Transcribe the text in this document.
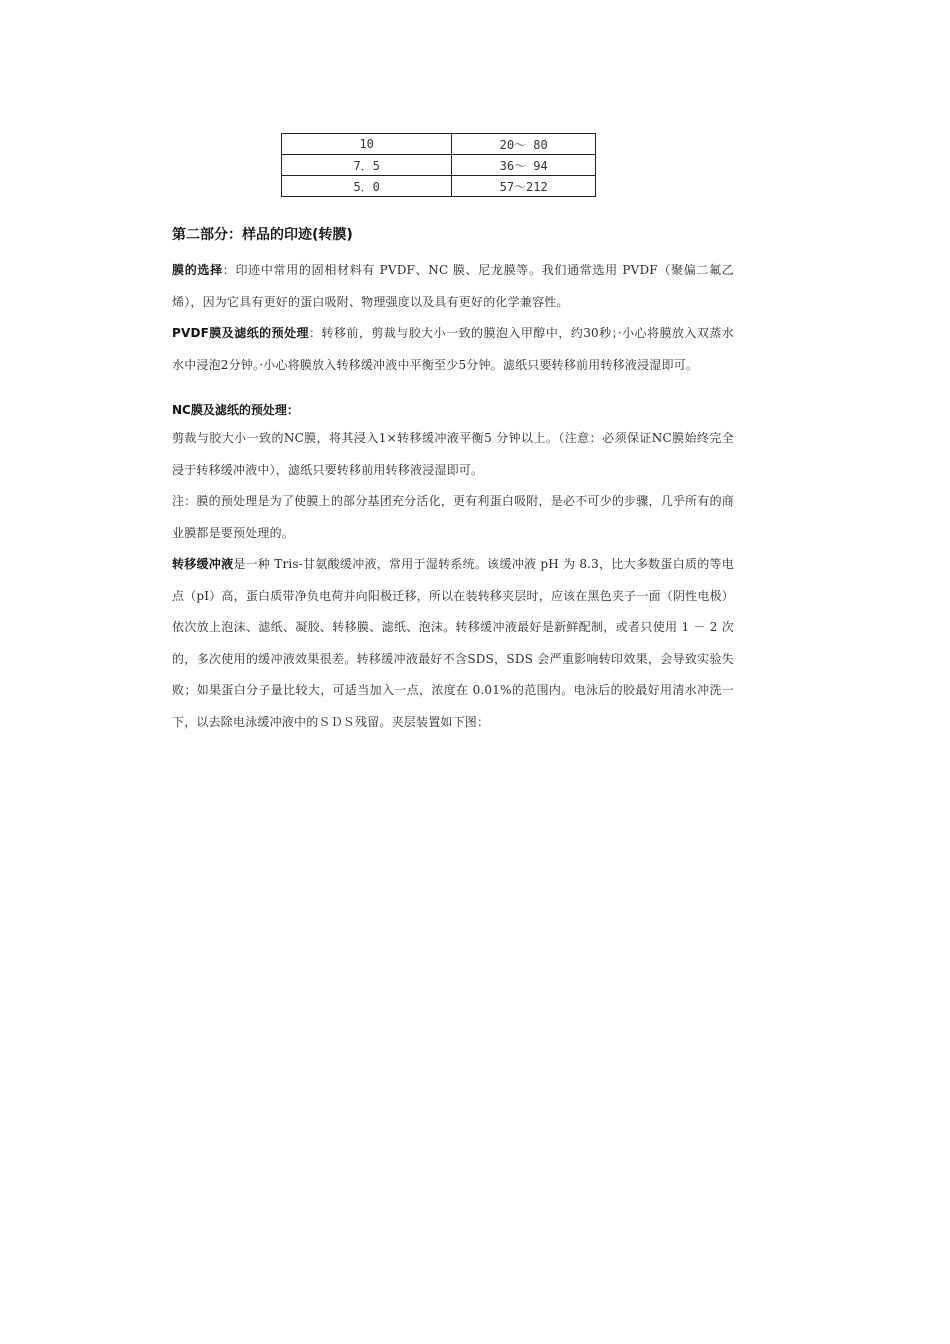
10	20～ 80
7．5	36～ 94
5．0	57～212
第二部分：样品的印迹(转膜)

膜的选择：印迹中常用的固相材料有 PVDF、NC 膜、尼龙膜等。我们通常选用 PVDF（聚偏二氟乙烯），因为它具有更好的蛋白吸附、物理强度以及具有更好的化学兼容性。

PVDF膜及滤纸的预处理：转移前，剪裁与胶大小一致的膜泡入甲醇中，约30秒；·小心将膜放入双蒸水水中浸泡2分钟。·小心将膜放入转移缓冲液中平衡至少5分钟。滤纸只要转移前用转移液浸湿即可。

NC膜及滤纸的预处理：

剪裁与胶大小一致的NC膜，将其浸入1×转移缓冲液平衡5 分钟以上。（注意：必须保证NC膜始终完全浸于转移缓冲液中），滤纸只要转移前用转移液浸湿即可。

注：膜的预处理是为了使膜上的部分基团充分活化，更有利蛋白吸附，是必不可少的步骤，几乎所有的商业膜都是要预处理的。

转移缓冲液是一种 Tris-甘氨酸缓冲液，常用于湿转系统。该缓冲液 pH 为 8.3，比大多数蛋白质的等电点（pI）高，蛋白质带净负电荷并向阳极迁移，所以在装转移夹层时，应该在黑色夹子一面（阴性电极）依次放上泡沫、滤纸、凝胶、转移膜、滤纸、泡沫。转移缓冲液最好是新鲜配制，或者只使用 1 － 2 次的，多次使用的缓冲液效果很差。转移缓冲液最好不含SDS，SDS 会严重影响转印效果，会导致实验失败；如果蛋白分子量比较大，可适当加入一点，浓度在 0.01%的范围内。电泳后的胶最好用清水冲洗一下，以去除电泳缓冲液中的ＳＤＳ残留。夹层装置如下图：
